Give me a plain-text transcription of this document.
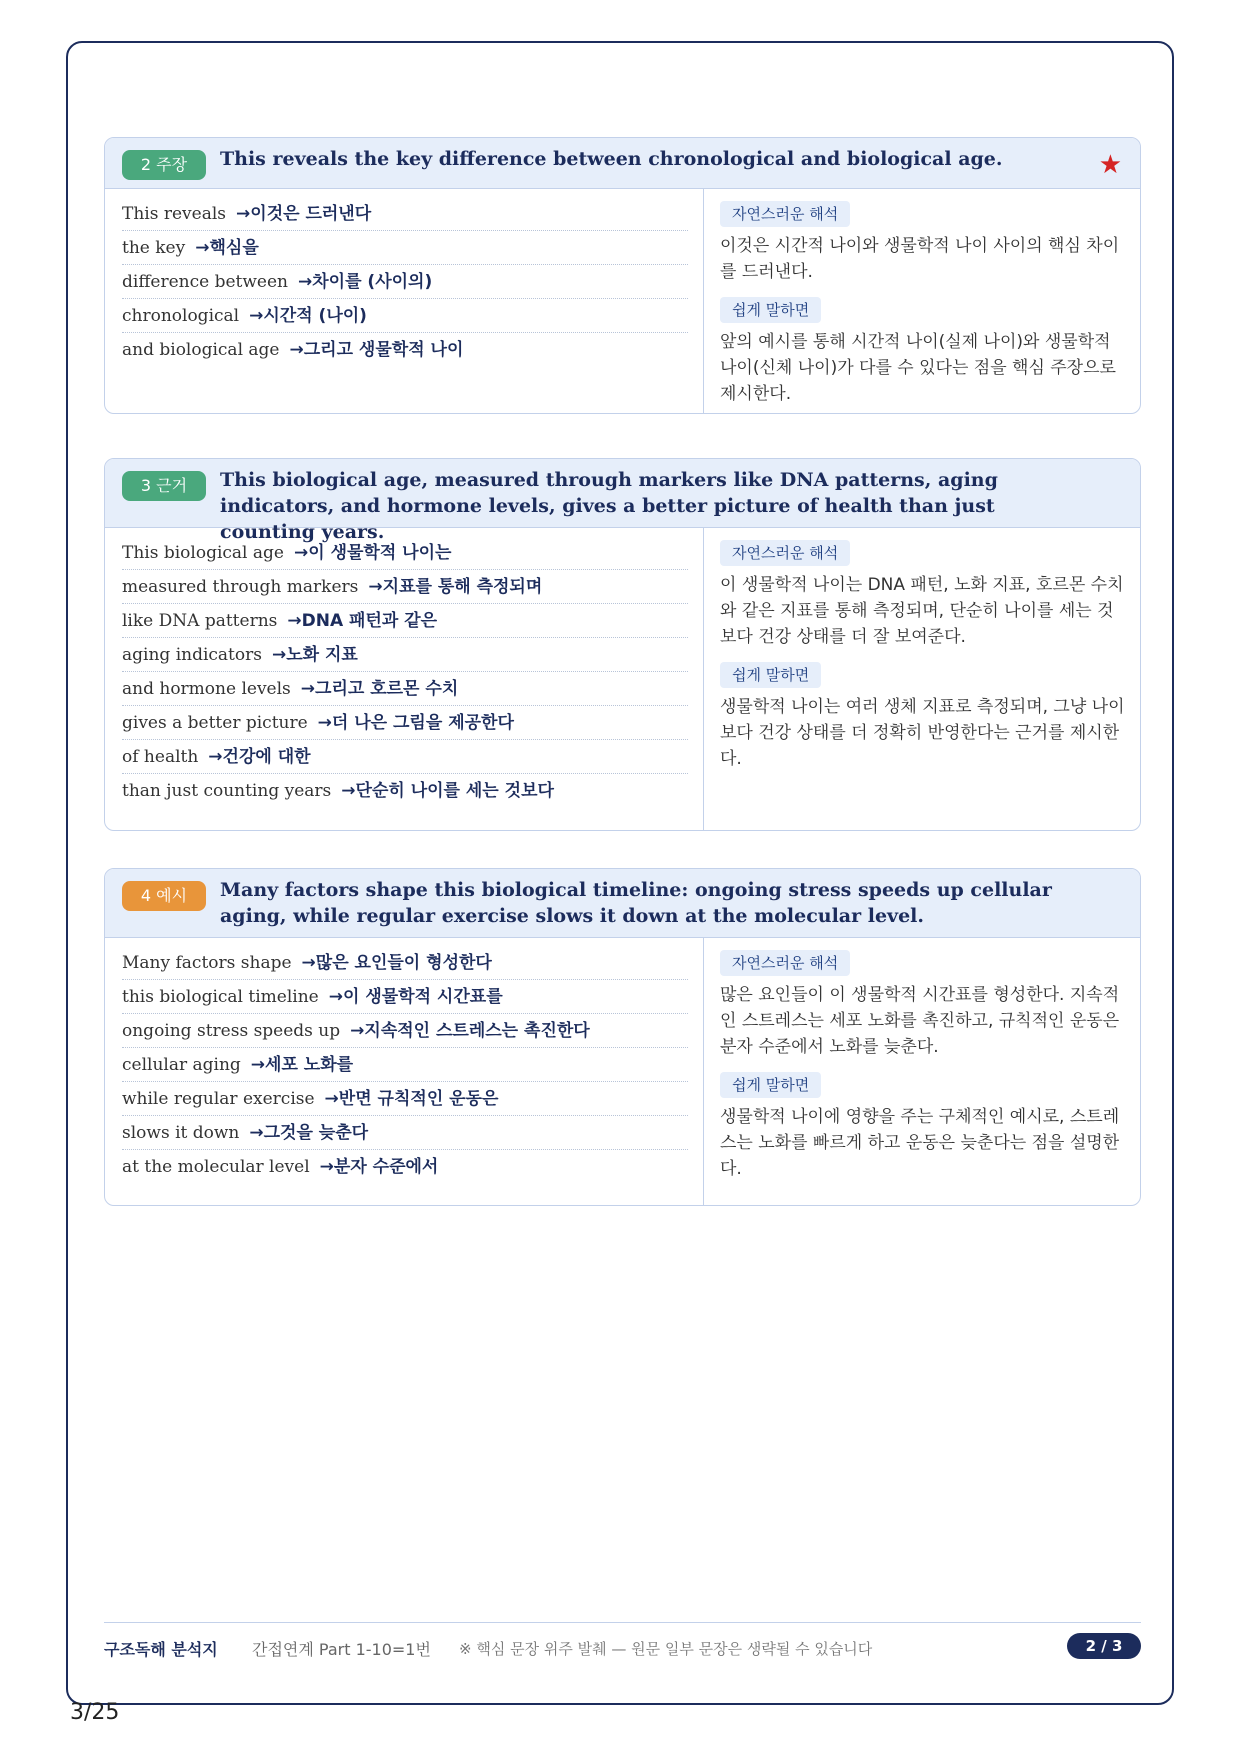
2 주장	This reveals the key difference between chronological and biological age.	★
This reveals →이것은 드러낸다
the key →핵심을
difference between →차이를 (사이의)
chronological →시간적 (나이)
and biological age →그리고 생물학적 나이
자연스러운 해석
이것은 시간적 나이와 생물학적 나이 사이의 핵심 차이를 드러낸다.
쉽게 말하면
앞의 예시를 통해 시간적 나이(실제 나이)와 생물학적 나이(신체 나이)가 다를 수 있다는 점을 핵심 주장으로 제시한다.
3 근거	This biological age, measured through markers like DNA patterns, aging indicators, and hormone levels, gives a better picture of health than just counting years.
This biological age →이 생물학적 나이는
measured through markers →지표를 통해 측정되며
like DNA patterns →DNA 패턴과 같은
aging indicators →노화 지표
and hormone levels →그리고 호르몬 수치
gives a better picture →더 나은 그림을 제공한다
of health →건강에 대한
than just counting years →단순히 나이를 세는 것보다
자연스러운 해석
이 생물학적 나이는 DNA 패턴, 노화 지표, 호르몬 수치와 같은 지표를 통해 측정되며, 단순히 나이를 세는 것보다 건강 상태를 더 잘 보여준다.
쉽게 말하면
생물학적 나이는 여러 생체 지표로 측정되며, 그냥 나이보다 건강 상태를 더 정확히 반영한다는 근거를 제시한다.
4 예시	Many factors shape this biological timeline: ongoing stress speeds up cellular aging, while regular exercise slows it down at the molecular level.
Many factors shape →많은 요인들이 형성한다
this biological timeline →이 생물학적 시간표를
ongoing stress speeds up →지속적인 스트레스는 촉진한다
cellular aging →세포 노화를
while regular exercise →반면 규칙적인 운동은
slows it down →그것을 늦춘다
at the molecular level →분자 수준에서
자연스러운 해석
많은 요인들이 이 생물학적 시간표를 형성한다. 지속적인 스트레스는 세포 노화를 촉진하고, 규칙적인 운동은 분자 수준에서 노화를 늦춘다.
쉽게 말하면
생물학적 나이에 영향을 주는 구체적인 예시로, 스트레스는 노화를 빠르게 하고 운동은 늦춘다는 점을 설명한다.
구조독해 분석지 간접연계 Part 1-10=1번 ※ 핵심 문장 위주 발췌 — 원문 일부 문장은 생략될 수 있습니다	2 / 3
3/25
